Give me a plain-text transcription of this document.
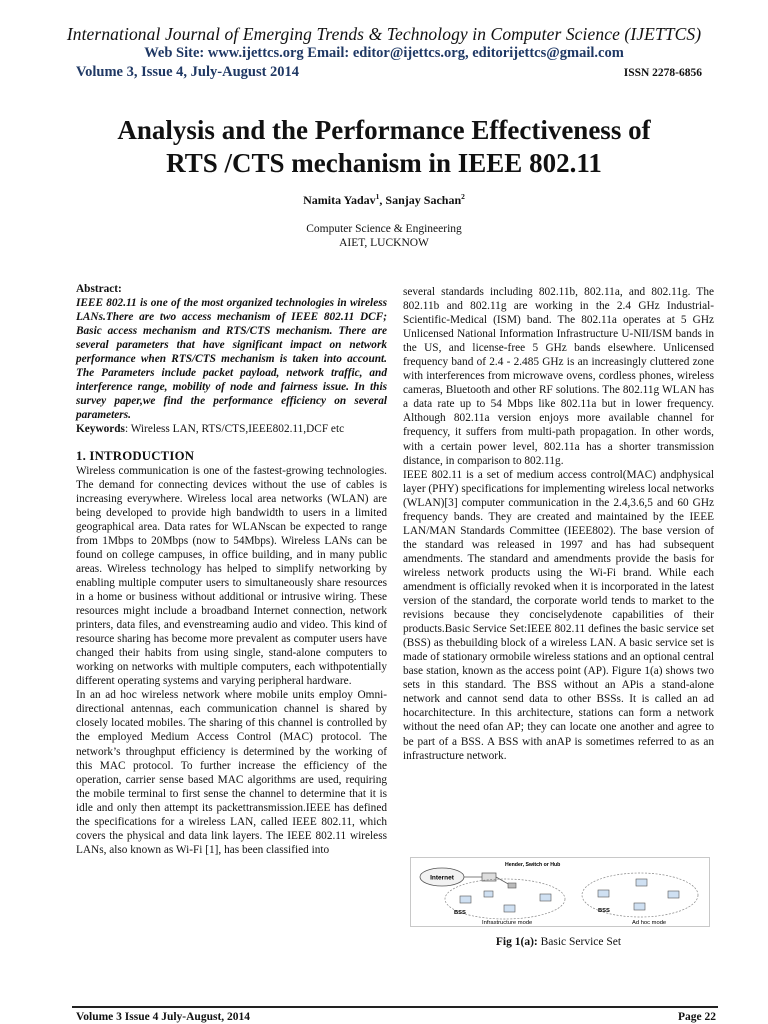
International Journal of Emerging Trends & Technology in Computer Science (IJETTCS)
Web Site: www.ijettcs.org Email: editor@ijettcs.org, editorijettcs@gmail.com
Volume 3, Issue 4, July-August 2014	ISSN 2278-6856
Analysis and the Performance Effectiveness of
RTS /CTS mechanism in IEEE 802.11
Namita Yadav$^1$, Sanjay Sachan$^2$
Computer Science & Engineering
AIET, LUCKNOW
Abstract:

IEEE 802.11 is one of the most organized technologies in wireless LANs.There are two access mechanism of IEEE 802.11 DCF; Basic access mechanism and RTS/CTS mechanism. There are several parameters that have significant impact on network performance when RTS/CTS mechanism is taken into account. The Parameters include packet payload, network traffic, and interference range, mobility of node and fairness issue. In this survey paper,we find the performance efficiency on several parameters.

Keywords: Wireless LAN, RTS/CTS,IEEE802.11,DCF etc

1. INTRODUCTION

Wireless communication is one of the fastest-growing technologies. The demand for connecting devices without the use of cables is increasing everywhere. Wireless local area networks (WLAN) are being developed to provide high bandwidth to users in a limited geographical area. Data rates for WLANscan be expected to range from 1Mbps to 20Mbps (now to 54Mbps). Wireless LANs can be found on college campuses, in office building, and in many public areas. Wireless technology has helped to simplify networking by enabling multiple computer users to simultaneously share resources in a home or business without additional or intrusive wiring. These resources might include a broadband Internet connection, network printers, data files, and evenstreaming audio and video. This kind of resource sharing has become more prevalent as computer users have changed their habits from using single, stand-alone computers to working on networks with multiple computers, each withpotentially different operating systems and varying peripheral hardware.

In an ad hoc wireless network where mobile units employ Omni-directional antennas, each communication channel is shared by closely located mobiles. The sharing of this channel is controlled by the employed Medium Access Control (MAC) protocol. The network’s throughput efficiency is determined by the working of this MAC protocol. To further increase the efficiency of the operation, carrier sense based MAC algorithms are used, requiring the mobile terminal to first sense the channel to determine that it is idle and only then attempt its packettransmission.IEEE has defined the specifications for a wireless LAN, called IEEE 802.11, which covers the physical and data link layers. The IEEE 802.11 wireless LANs, also known as Wi-Fi [1], has been classified into

several standards including 802.11b, 802.11a, and 802.11g. The 802.11b and 802.11g are working in the 2.4 GHz Industrial-Scientific-Medical (ISM) band. The 802.11a operates at 5 GHz Unlicensed National Information Infrastructure U-NII/ISM bands in the US, and license-free 5 GHz bands elsewhere. Unlicensed frequency band of 2.4 - 2.485 GHz is an increasingly cluttered zone with interferences from microwave ovens, cordless phones, wireless cameras, Bluetooth and other RF solutions. The 802.11g WLAN has a data rate up to 54 Mbps like 802.11a but in lower frequency. Although 802.11a version enjoys more available channel for frequency, it suffers from multi-path propagation. In other words, with a certain power level, 802.11a has a shorter transmission distance, in comparison to 802.11g.

IEEE 802.11 is a set of medium access control(MAC) andphysical layer (PHY) specifications for implementing wireless local networks (WLAN)[3] computer communication in the 2.4,3.6,5 and 60 GHz frequency bands. They are created and maintained by the IEEE LAN/MAN Standards Committee (IEEE802). The base version of the standard was released in 1997 and has had subsequent amendments. The standard and amendments provide the basis for wireless network products using the Wi-Fi brand. While each amendment is officially revoked when it is incorporated in the latest version of the standard, the corporate world tends to market to the revisions because they conciselydenote capabilities of their products.Basic Service Set:IEEE 802.11 defines the basic service set (BSS) as thebuilding block of a wireless LAN. A basic service set is made of stationary ormobile wireless stations and an optional central base station, known as the access point (AP). Figure 1(a) shows two sets in this standard. The BSS without an APis a stand-alone network and cannot send data to other BSSs. It is called an ad hocarchitecture. In this architecture, stations can form a network without the need ofan AP; they can locate one another and agree to be part of a BSS. A BSS with anAP is sometimes referred to as an infrastructure network.

Internet
Hender, Switch or Hub
BSS
Infrastructure mode
BSS
Ad hoc mode
Fig 1(a): Basic Service Set
Volume 3 Issue 4 July-August, 2014	Page 22
